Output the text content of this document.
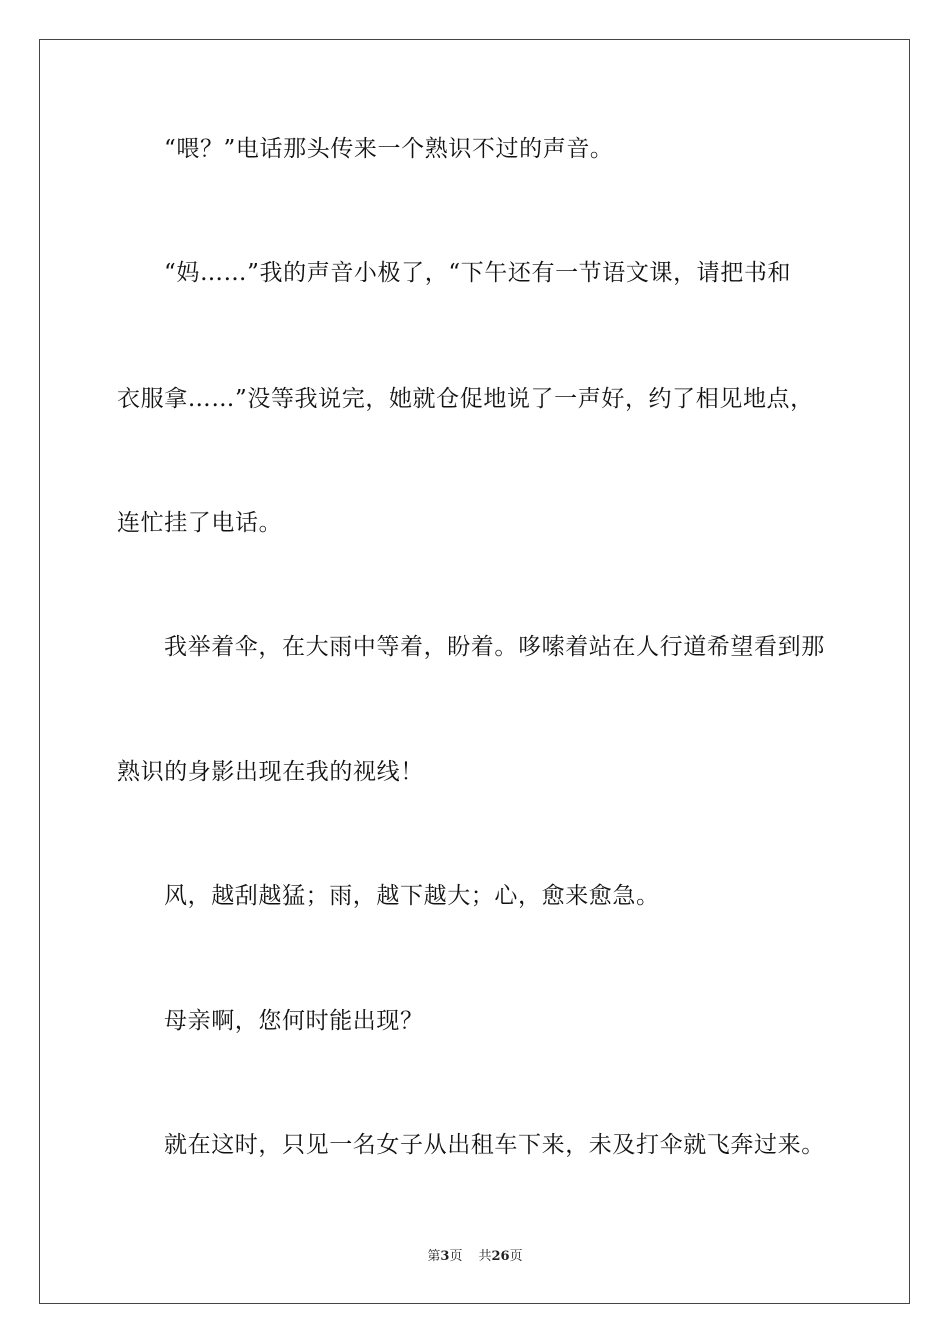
“喂？”电话那头传来一个熟识不过的声音。
“妈……”我的声音小极了，“下午还有一节语文课，请把书和
衣服拿……”没等我说完，她就仓促地说了一声好，约了相见地点，
连忙挂了电话。
我举着伞，在大雨中等着，盼着。哆嗦着站在人行道希望看到那
熟识的身影出现在我的视线！
风，越刮越猛；雨，越下越大；心，愈来愈急。
母亲啊，您何时能出现？
就在这时，只见一名女子从出租车下来，未及打伞就飞奔过来。
第3页 共26页
